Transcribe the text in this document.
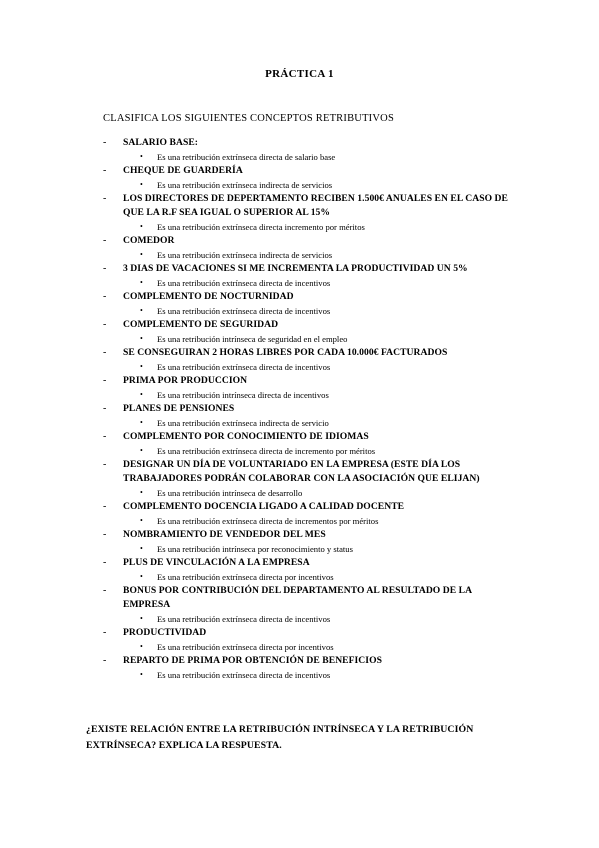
PRÁCTICA 1
CLASIFICA LOS SIGUIENTES CONCEPTOS RETRIBUTIVOS
- SALARIO BASE:
• Es una retribución extrínseca directa de salario base
- CHEQUE DE GUARDERÍA
• Es una retribución extrínseca indirecta de servicios
- LOS DIRECTORES DE DEPERTAMENTO RECIBEN 1.500€ ANUALES EN EL CASO DE QUE LA R.F SEA IGUAL O SUPERIOR AL 15%
• Es una retribución extrínseca directa incremento por méritos
- COMEDOR
• Es una retribución extrínseca indirecta de servicios
- 3 DIAS DE VACACIONES SI ME INCREMENTA LA PRODUCTIVIDAD UN 5%
• Es una retribución extrínseca directa de incentivos
- COMPLEMENTO DE NOCTURNIDAD
• Es una retribución extrínseca directa de incentivos
- COMPLEMENTO DE SEGURIDAD
• Es una retribución intrínseca de seguridad en el empleo
- SE CONSEGUIRAN 2 HORAS LIBRES POR CADA 10.000€ FACTURADOS
• Es una retribución extrínseca directa de incentivos
- PRIMA POR PRODUCCION
• Es una retribución intrínseca directa de incentivos
- PLANES DE PENSIONES
• Es una retribución extrínseca indirecta de servicio
- COMPLEMENTO POR CONOCIMIENTO DE IDIOMAS
• Es una retribución extrínseca directa de incremento por méritos
- DESIGNAR UN DÍA DE VOLUNTARIADO EN LA EMPRESA (ESTE DÍA LOS TRABAJADORES PODRÁN COLABORAR CON LA ASOCIACIÓN QUE ELIJAN)
• Es una retribución intrínseca de desarrollo
- COMPLEMENTO DOCENCIA LIGADO A CALIDAD DOCENTE
• Es una retribución extrínseca directa de incrementos por méritos
- NOMBRAMIENTO DE VENDEDOR DEL MES
• Es una retribución intrínseca por reconocimiento y status
- PLUS DE VINCULACIÓN A LA EMPRESA
• Es una retribución extrínseca directa por incentivos
- BONUS POR CONTRIBUCIÓN DEL DEPARTAMENTO AL RESULTADO DE LA EMPRESA
• Es una retribución extrínseca directa de incentivos
- PRODUCTIVIDAD
• Es una retribución extrínseca directa por incentivos
- REPARTO DE PRIMA POR OBTENCIÓN DE BENEFICIOS
• Es una retribución extrínseca directa de incentivos
¿EXISTE RELACIÓN ENTRE LA RETRIBUCIÓN INTRÍNSECA Y LA RETRIBUCIÓN EXTRÍNSECA? EXPLICA LA RESPUESTA.
